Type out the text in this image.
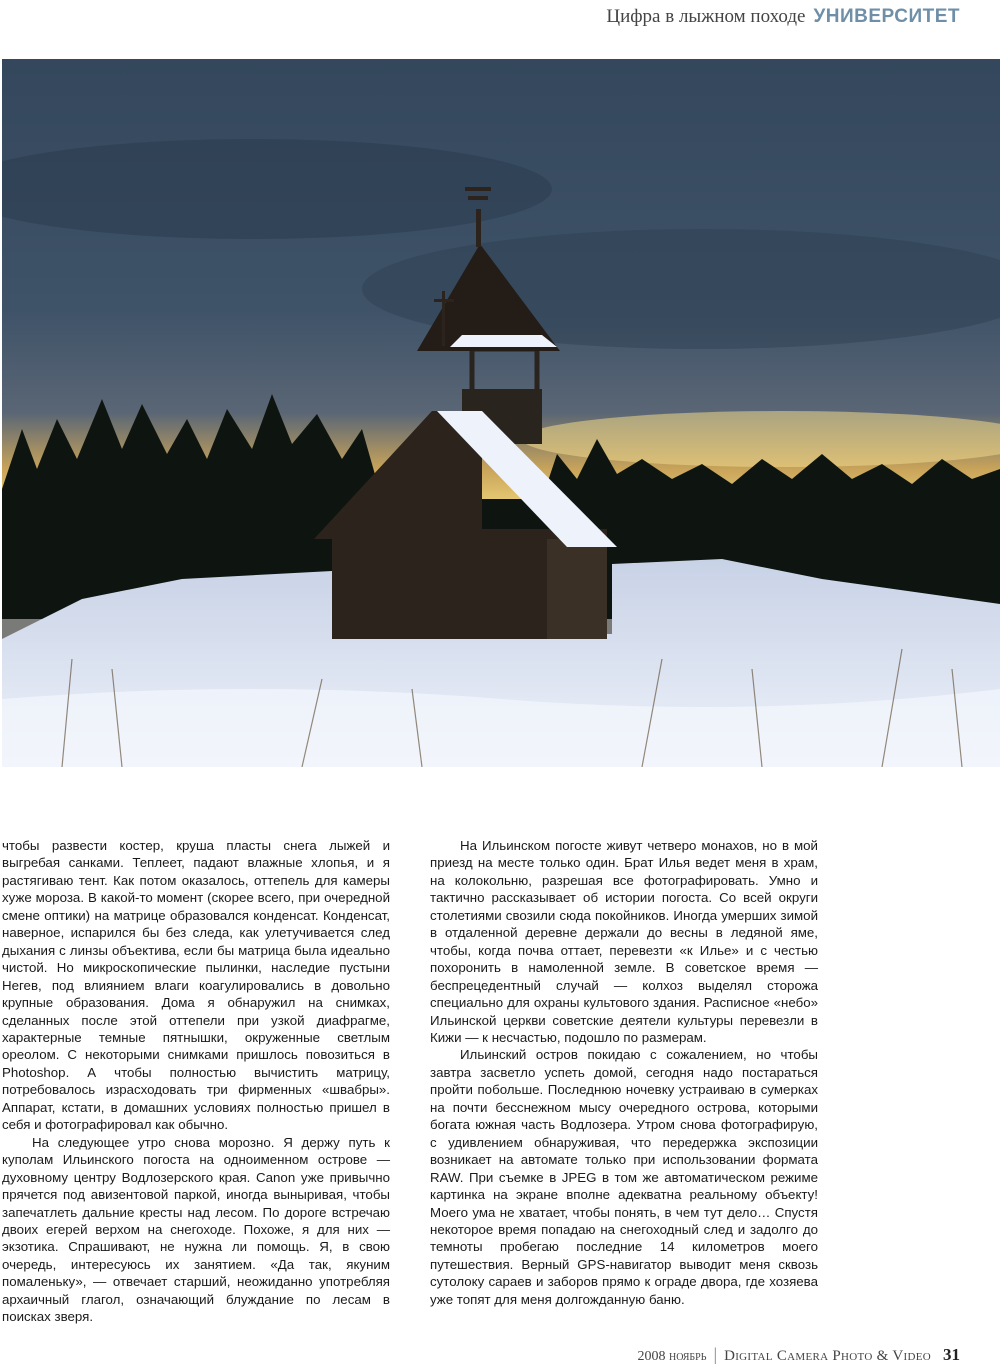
Цифра в лыжном походе УНИВЕРСИТЕТ

чтобы развести костер, круша пласты снега лыжей и выгребая санками. Теплеет, падают влажные хлопья, и я растягиваю тент. Как потом оказалось, оттепель для камеры хуже мороза. В какой-то момент (скорее всего, при очередной смене оптики) на матрице образовался конденсат. Конденсат, наверное, испарился бы без следа, как улетучивается след дыхания с линзы объектива, если бы матрица была идеально чистой. Но микроскопические пылинки, наследие пустыни Негев, под влиянием влаги коагулировались в довольно крупные образования. Дома я обнаружил на снимках, сделанных после этой оттепели при узкой диафрагме, характерные темные пятнышки, окруженные светлым ореолом. С некоторыми снимками пришлось повозиться в Photoshop. А чтобы полностью вычистить матрицу, потребовалось израсходовать три фирменных «швабры». Аппарат, кстати, в домашних условиях полностью пришел в себя и фотографировал как обычно.

На следующее утро снова морозно. Я держу путь к куполам Ильинского погоста на одноименном острове — духовному центру Водлозерского края. Canon уже привычно прячется под авизентовой паркой, иногда выныривая, чтобы запечатлеть дальние кресты над лесом. По дороге встречаю двоих егерей верхом на снегоходе. Похоже, я для них — экзотика. Спрашивают, не нужна ли помощь. Я, в свою очередь, интересуюсь их занятием. «Да так, якуним помаленьку», — отвечает старший, неожиданно употребляя архаичный глагол, означающий блуждание по лесам в поисках зверя.

На Ильинском погосте живут четверо монахов, но в мой приезд на месте только один. Брат Илья ведет меня в храм, на колокольню, разрешая все фотографировать. Умно и тактично рассказывает об истории погоста. Со всей округи столетиями свозили сюда покойников. Иногда умерших зимой в отдаленной деревне держали до весны в ледяной яме, чтобы, когда почва оттает, перевезти «к Илье» и с честью похоронить в намоленной земле. В советское время — беспрецедентный случай — колхоз выделял сторожа специально для охраны культового здания. Расписное «небо» Ильинской церкви советские деятели культуры перевезли в Кижи — к несчастью, подошло по размерам.

Ильинский остров покидаю с сожалением, но чтобы завтра засветло успеть домой, сегодня надо постараться пройти побольше. Последнюю ночевку устраиваю в сумерках на почти бесснежном мысу очередного острова, которыми богата южная часть Водлозера. Утром снова фотографирую, с удивлением обнаруживая, что передержка экспозиции возникает на автомате только при использовании формата RAW. При съемке в JPEG в том же автоматическом режиме картинка на экране вполне адекватна реальному объекту! Моего ума не хватает, чтобы понять, в чем тут дело… Спустя некоторое время попадаю на снегоходный след и задолго до темноты пробегаю последние 14 километров моего путешествия. Верный GPS-навигатор выводит меня сквозь сутолоку сараев и заборов прямо к ограде двора, где хозяева уже топят для меня долгожданную баню.

2008 ноябрь | Digital Camera Photo & Video 31
